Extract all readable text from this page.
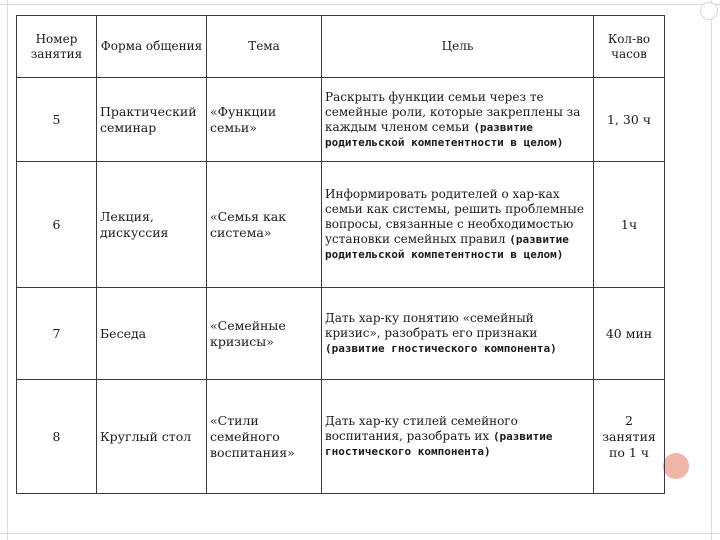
Номер занятия	Форма общения	Тема	Цель	Кол-во часов
5	Практический семинар	«Функции семьи»	Раскрыть функции семьи через те семейные роли, которые закреплены за каждым членом семьи (развитие родительской компетентности в целом)	1, 30 ч
6	Лекция, дискуссия	«Семья как система»	Информировать родителей о хар-ках семьи как системы, решить проблемные вопросы, связанные с необходимостью установки семейных правил (развитие родительской компетентности в целом)	1ч
7	Беседа	«Семейные кризисы»	Дать хар-ку понятию «семейный кризис», разобрать его признаки (развитие гностического компонента)	40 мин
8	Круглый стол	«Стили семейного воспитания»	Дать хар-ку стилей семейного воспитания, разобрать их (развитие гностического компонента)	2 занятия по 1 ч
